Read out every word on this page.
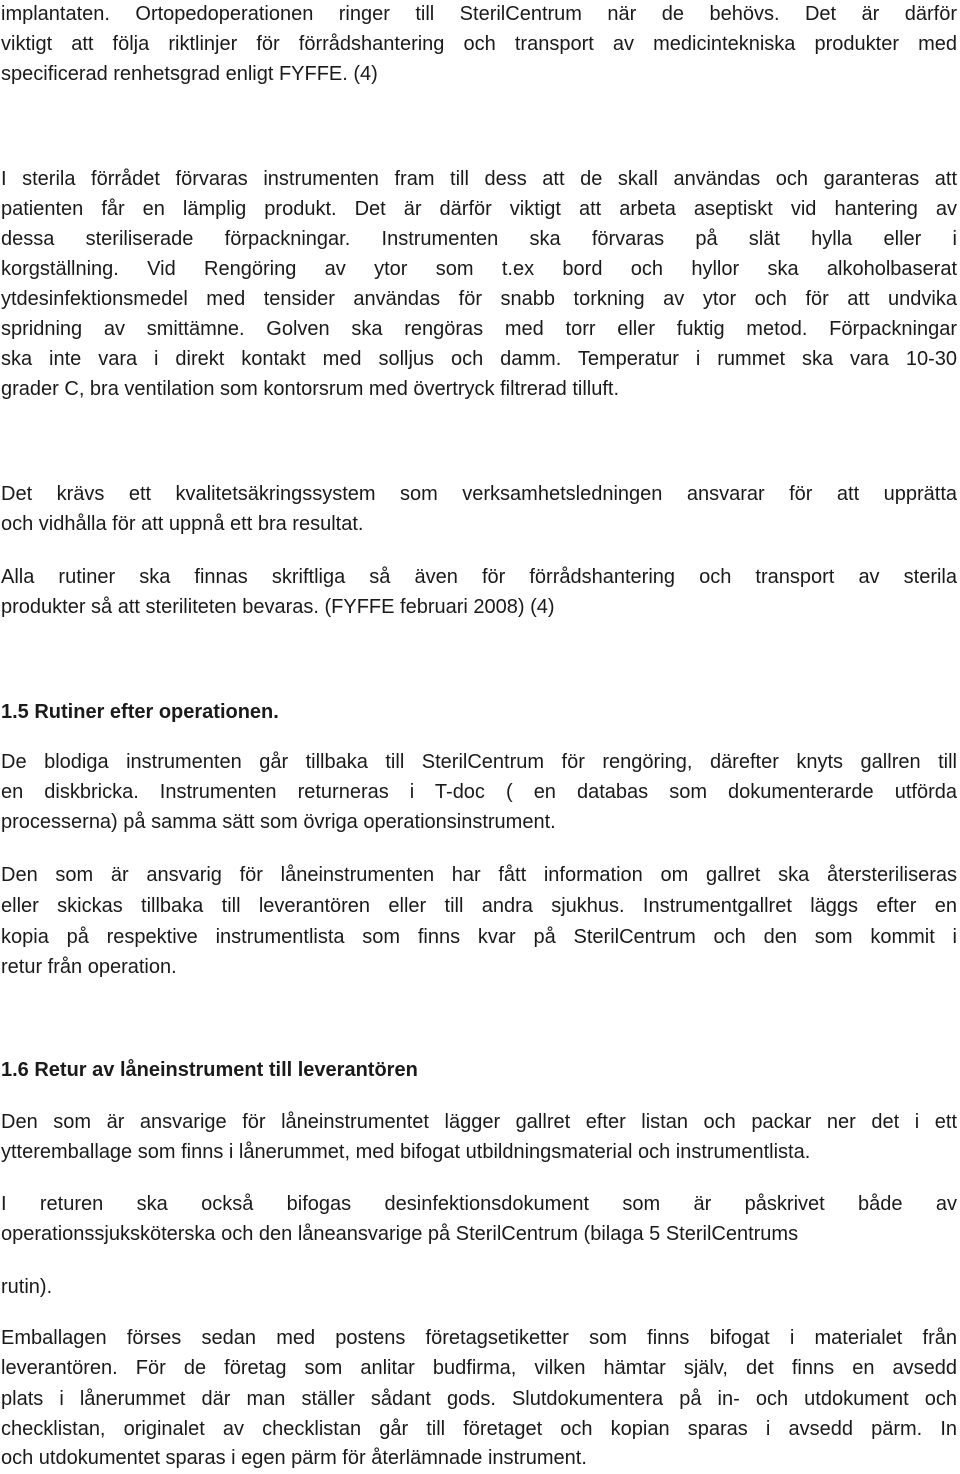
implantaten. Ortopedoperationen ringer till SterilCentrum när de behövs. Det är därför
viktigt att följa riktlinjer för förrådshantering och transport av medicintekniska produkter med
specificerad renhetsgrad enligt FYFFE. (4)
I sterila förrådet förvaras instrumenten fram till dess att de skall användas och garanteras att
patienten får en lämplig produkt. Det är därför viktigt att arbeta aseptiskt vid hantering av
dessa steriliserade förpackningar. Instrumenten ska förvaras på slät hylla eller i
korgställning. Vid Rengöring av ytor som t.ex bord och hyllor ska alkoholbaserat
ytdesinfektionsmedel med tensider användas för snabb torkning av ytor och för att undvika
spridning av smittämne. Golven ska rengöras med torr eller fuktig metod. Förpackningar
ska inte vara i direkt kontakt med solljus och damm. Temperatur i rummet ska vara 10-30
grader C, bra ventilation som kontorsrum med övertryck filtrerad tilluft.
Det krävs ett kvalitetsäkringssystem som verksamhetsledningen ansvarar för att upprätta
och vidhålla för att uppnå ett bra resultat.
Alla rutiner ska finnas skriftliga så även för förrådshantering och transport av sterila
produkter så att steriliteten bevaras. (FYFFE februari 2008) (4)
1.5 Rutiner efter operationen.
De blodiga instrumenten går tillbaka till SterilCentrum för rengöring, därefter knyts gallren till
en diskbricka. Instrumenten returneras i T-doc ( en databas som dokumenterarde utförda
processerna) på samma sätt som övriga operationsinstrument.
Den som är ansvarig för låneinstrumenten har fått information om gallret ska återsteriliseras
eller skickas tillbaka till leverantören eller till andra sjukhus. Instrumentgallret läggs efter en
kopia på respektive instrumentlista som finns kvar på SterilCentrum och den som kommit i
retur från operation.
1.6 Retur av låneinstrument till leverantören
Den som är ansvarige för låneinstrumentet lägger gallret efter listan och packar ner det i ett
ytteremballage som finns i lånerummet, med bifogat utbildningsmaterial och instrumentlista.
I returen ska också bifogas desinfektionsdokument som är påskrivet både av
operationssjuksköterska och den låneansvarige på SterilCentrum (bilaga 5 SterilCentrums
rutin).
Emballagen förses sedan med postens företagsetiketter som finns bifogat i materialet från
leverantören. För de företag som anlitar budfirma, vilken hämtar själv, det finns en avsedd
plats i lånerummet där man ställer sådant gods. Slutdokumentera på in- och utdokument och
checklistan, originalet av checklistan går till företaget och kopian sparas i avsedd pärm. In
och utdokumentet sparas i egen pärm för återlämnade instrument.
